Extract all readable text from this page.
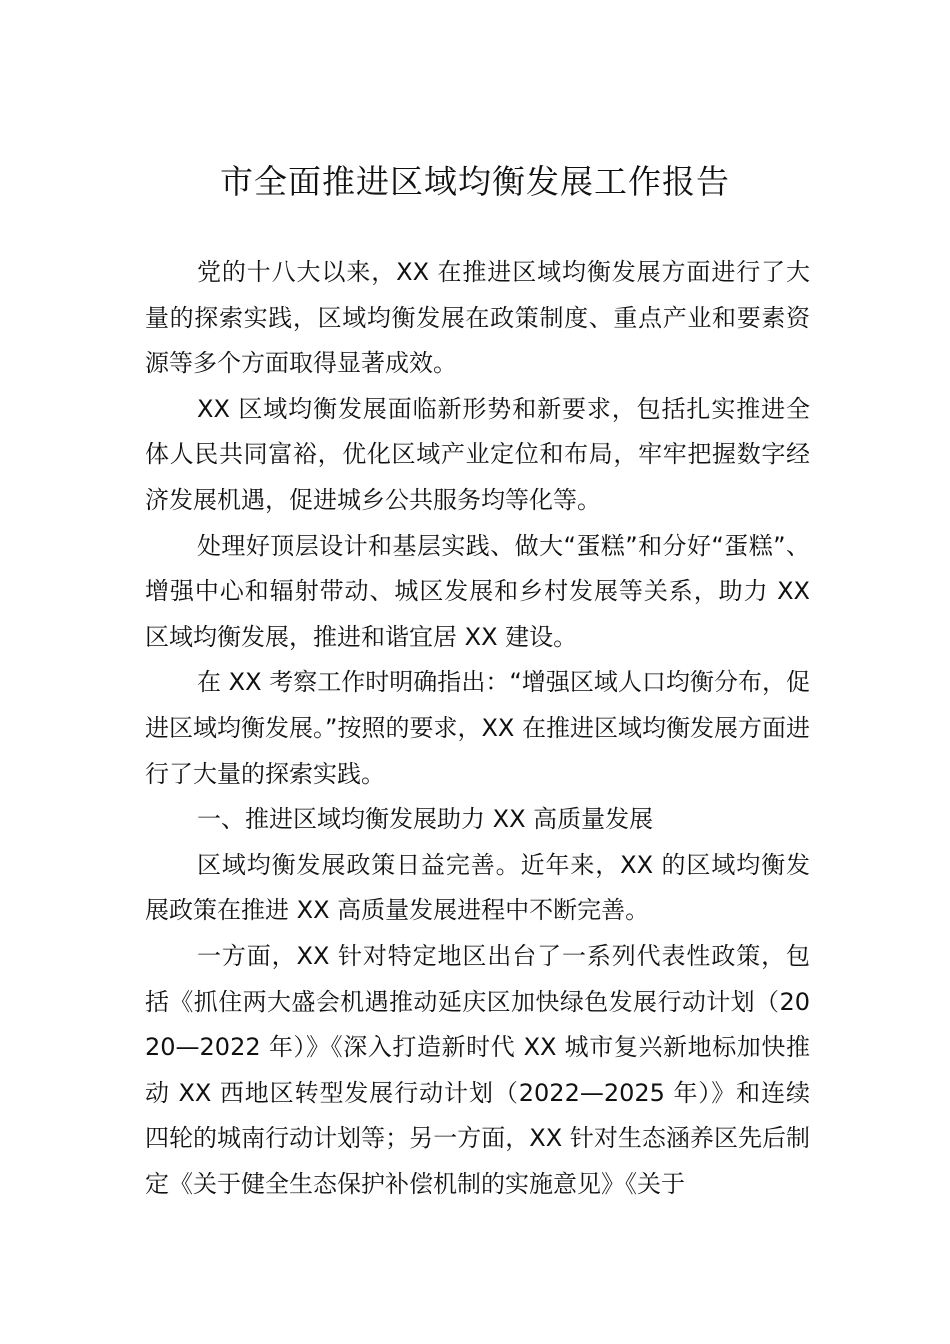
市全面推进区域均衡发展工作报告

党的十八大以来，XX 在推进区域均衡发展方面进行了大量的探索实践，区域均衡发展在政策制度、重点产业和要素资源等多个方面取得显著成效。

XX 区域均衡发展面临新形势和新要求，包括扎实推进全体人民共同富裕，优化区域产业定位和布局，牢牢把握数字经济发展机遇，促进城乡公共服务均等化等。

处理好顶层设计和基层实践、做大“蛋糕”和分好“蛋糕”、增强中心和辐射带动、城区发展和乡村发展等关系，助力 XX 区域均衡发展，推进和谐宜居 XX 建设。

在 XX 考察工作时明确指出：“增强区域人口均衡分布，促进区域均衡发展。”按照的要求，XX 在推进区域均衡发展方面进行了大量的探索实践。

一、推进区域均衡发展助力 XX 高质量发展

区域均衡发展政策日益完善。近年来，XX 的区域均衡发展政策在推进 XX 高质量发展进程中不断完善。

一方面，XX 针对特定地区出台了一系列代表性政策，包括《抓住两大盛会机遇推动延庆区加快绿色发展行动计划（2020—2022 年）》《深入打造新时代 XX 城市复兴新地标加快推动 XX 西地区转型发展行动计划（2022—2025 年）》和连续四轮的城南行动计划等；另一方面，XX 针对生态涵养区先后制定《关于健全生态保护补偿机制的实施意见》《关于
